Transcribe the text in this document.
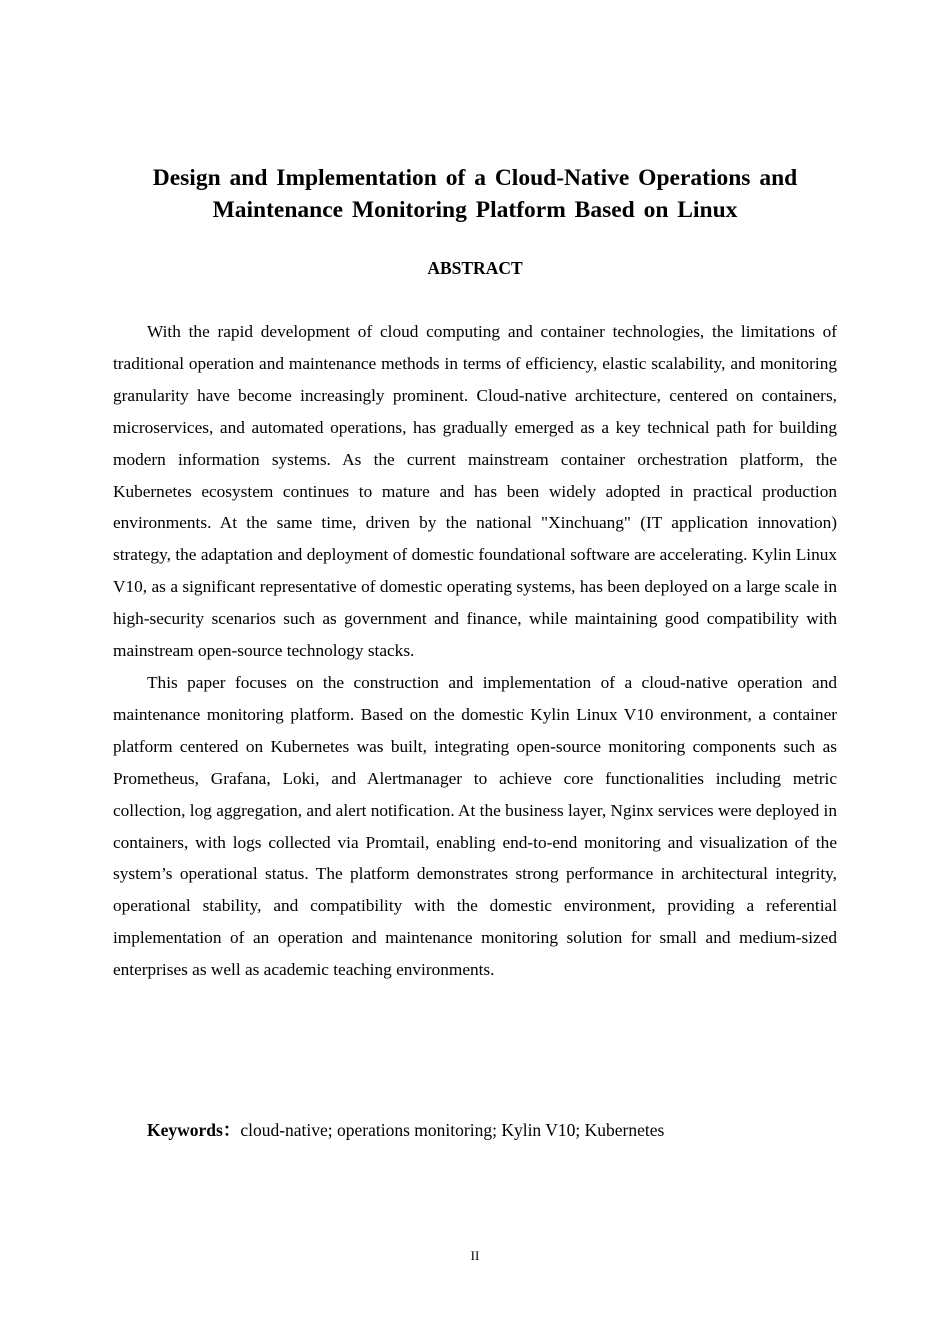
Design and Implementation of a Cloud-Native Operations and
Maintenance Monitoring Platform Based on Linux
ABSTRACT

With the rapid development of cloud computing and container technologies, the limitations of traditional operation and maintenance methods in terms of efficiency, elastic scalability, and monitoring granularity have become increasingly prominent. Cloud-native architecture, centered on containers, microservices, and automated operations, has gradually emerged as a key technical path for building modern information systems. As the current mainstream container orchestration platform, the Kubernetes ecosystem continues to mature and has been widely adopted in practical production environments. At the same time, driven by the national "Xinchuang" (IT application innovation) strategy, the adaptation and deployment of domestic foundational software are accelerating. Kylin Linux V10, as a significant representative of domestic operating systems, has been deployed on a large scale in high-security scenarios such as government and finance, while maintaining good compatibility with mainstream open-source technology stacks.

This paper focuses on the construction and implementation of a cloud-native operation and maintenance monitoring platform. Based on the domestic Kylin Linux V10 environment, a container platform centered on Kubernetes was built, integrating open-source monitoring components such as Prometheus, Grafana, Loki, and Alertmanager to achieve core functionalities including metric collection, log aggregation, and alert notification. At the business layer, Nginx services were deployed in containers, with logs collected via Promtail, enabling end-to-end monitoring and visualization of the system’s operational status. The platform demonstrates strong performance in architectural integrity, operational stability, and compatibility with the domestic environment, providing a referential implementation of an operation and maintenance monitoring solution for small and medium-sized enterprises as well as academic teaching environments.

Keywords：cloud-native; operations monitoring; Kylin V10; Kubernetes

II
